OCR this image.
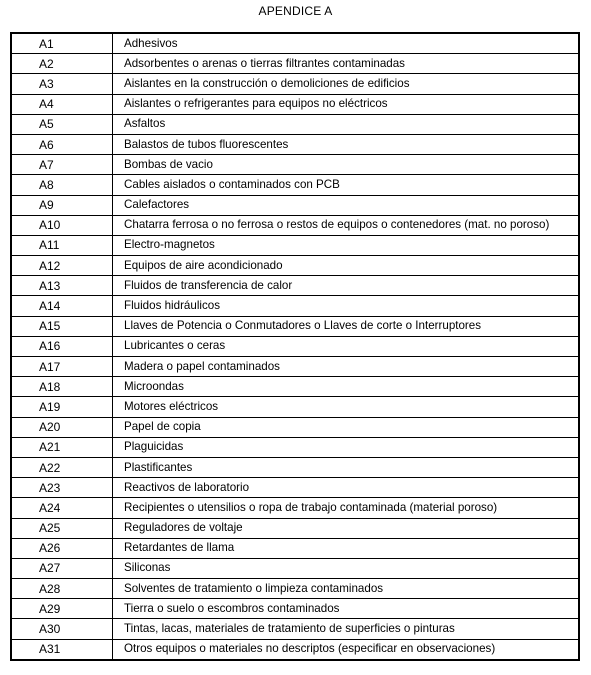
APENDICE A
A1	Adhesivos
A2	Adsorbentes o arenas o tierras filtrantes contaminadas
A3	Aislantes en la construcción o demoliciones de edificios
A4	Aislantes o refrigerantes para equipos no eléctricos
A5	Asfaltos
A6	Balastos de tubos fluorescentes
A7	Bombas de vacio
A8	Cables aislados o contaminados con PCB
A9	Calefactores
A10	Chatarra ferrosa o no ferrosa o restos de equipos o contenedores (mat. no poroso)
A11	Electro-magnetos
A12	Equipos de aire acondicionado
A13	Fluidos de transferencia de calor
A14	Fluidos hidráulicos
A15	Llaves de Potencia o Conmutadores o Llaves de corte o Interruptores
A16	Lubricantes o ceras
A17	Madera o papel contaminados
A18	Microondas
A19	Motores eléctricos
A20	Papel de copia
A21	Plaguicidas
A22	Plastificantes
A23	Reactivos de laboratorio
A24	Recipientes o utensilios o ropa de trabajo contaminada (material poroso)
A25	Reguladores de voltaje
A26	Retardantes de llama
A27	Siliconas
A28	Solventes de tratamiento o limpieza contaminados
A29	Tierra o suelo o escombros contaminados
A30	Tintas, lacas, materiales de tratamiento de superficies o pinturas
A31	Otros equipos o materiales no descriptos (especificar en observaciones)
